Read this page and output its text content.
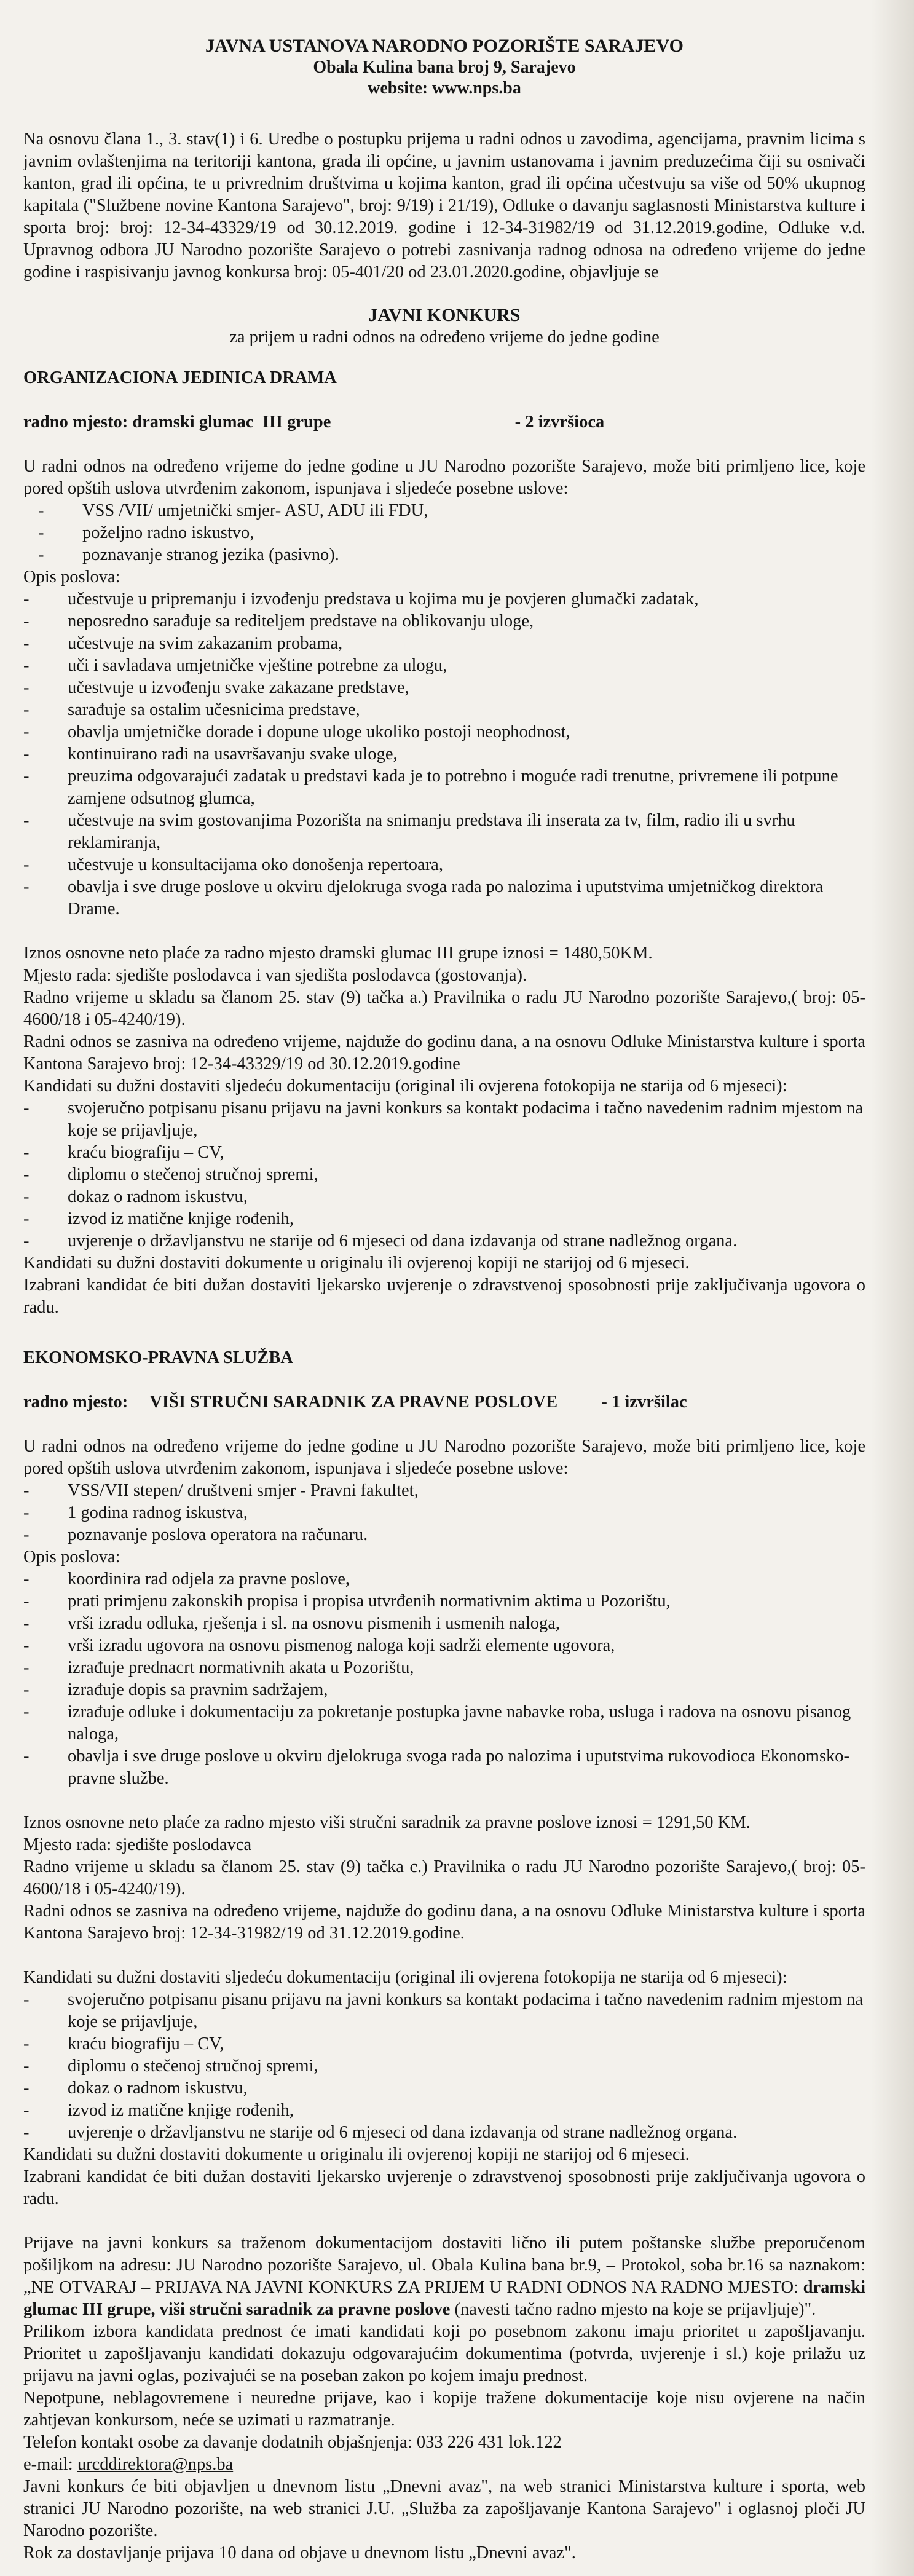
JAVNA USTANOVA NARODNO POZORIŠTE SARAJEVO
Obala Kulina bana broj 9, Sarajevo
website: www.nps.ba

Na osnovu člana 1., 3. stav(1) i 6. Uredbe o postupku prijema u radni odnos u zavodima, agencijama, pravnim licima s javnim ovlaštenjima na teritoriji kantona, grada ili općine, u javnim ustanovama i javnim preduzećima čiji su osnivači kanton, grad ili općina, te u privrednim društvima u kojima kanton, grad ili općina učestvuju sa više od 50% ukupnog kapitala ("Službene novine Kantona Sarajevo", broj: 9/19) i 21/19), Odluke o davanju saglasnosti Ministarstva kulture i sporta broj: broj: 12-34-43329/19 od 30.12.2019. godine i 12-34-31982/19 od 31.12.2019.godine, Odluke v.d. Upravnog odbora JU Narodno pozorište Sarajevo o potrebi zasnivanja radnog odnosa na određeno vrijeme do jedne godine i raspisivanju javnog konkursa broj: 05-401/20 od 23.01.2020.godine, objavljuje se

JAVNI KONKURS
za prijem u radni odnos na određeno vrijeme do jedne godine
ORGANIZACIONA JEDINICA DRAMA
radno mjesto: dramski glumac III grupe	- 2 izvršioca

U radni odnos na određeno vrijeme do jedne godine u JU Narodno pozorište Sarajevo, može biti primljeno lice, koje pored opštih uslova utvrđenim zakonom, ispunjava i sljedeće posebne uslove:

- VSS /VII/ umjetnički smjer- ASU, ADU ili FDU,
- poželjno radno iskustvo,
- poznavanje stranog jezika (pasivno).
Opis poslova:
- učestvuje u pripremanju i izvođenju predstava u kojima mu je povjeren glumački zadatak,
- neposredno sarađuje sa rediteljem predstave na oblikovanju uloge,
- učestvuje na svim zakazanim probama,
- uči i savladava umjetničke vještine potrebne za ulogu,
- učestvuje u izvođenju svake zakazane predstave,
- sarađuje sa ostalim učesnicima predstave,
- obavlja umjetničke dorade i dopune uloge ukoliko postoji neophodnost,
- kontinuirano radi na usavršavanju svake uloge,
- preuzima odgovarajući zadatak u predstavi kada je to potrebno i moguće radi trenutne, privremene ili potpune zamjene odsutnog glumca,
- učestvuje na svim gostovanjima Pozorišta na snimanju predstava ili inserata za tv, film, radio ili u svrhu reklamiranja,
- učestvuje u konsultacijama oko donošenja repertoara,
- obavlja i sve druge poslove u okviru djelokruga svoga rada po nalozima i uputstvima umjetničkog direktora Drame.

Iznos osnovne neto plaće za radno mjesto dramski glumac III grupe iznosi = 1480,50KM.

Mjesto rada: sjedište poslodavca i van sjedišta poslodavca (gostovanja).

Radno vrijeme u skladu sa članom 25. stav (9) tačka a.) Pravilnika o radu JU Narodno pozorište Sarajevo,( broj: 05-4600/18 i 05-4240/19).

Radni odnos se zasniva na određeno vrijeme, najduže do godinu dana, a na osnovu Odluke Ministarstva kulture i sporta Kantona Sarajevo broj: 12-34-43329/19 od 30.12.2019.godine

Kandidati su dužni dostaviti sljedeću dokumentaciju (original ili ovjerena fotokopija ne starija od 6 mjeseci):

- svojeručno potpisanu pisanu prijavu na javni konkurs sa kontakt podacima i tačno navedenim radnim mjestom na koje se prijavljuje,
- kraću biografiju – CV,
- diplomu o stečenoj stručnoj spremi,
- dokaz o radnom iskustvu,
- izvod iz matične knjige rođenih,
- uvjerenje o državljanstvu ne starije od 6 mjeseci od dana izdavanja od strane nadležnog organa.

Kandidati su dužni dostaviti dokumente u originalu ili ovjerenoj kopiji ne starijoj od 6 mjeseci.

Izabrani kandidat će biti dužan dostaviti ljekarsko uvjerenje o zdravstvenoj sposobnosti prije zaključivanja ugovora o radu.

EKONOMSKO-PRAVNA SLUŽBA
radno mjesto: VIŠI STRUČNI SARADNIK ZA PRAVNE POSLOVE	- 1 izvršilac

U radni odnos na određeno vrijeme do jedne godine u JU Narodno pozorište Sarajevo, može biti primljeno lice, koje pored opštih uslova utvrđenim zakonom, ispunjava i sljedeće posebne uslove:

- VSS/VII stepen/ društveni smjer - Pravni fakultet,
- 1 godina radnog iskustva,
- poznavanje poslova operatora na računaru.
Opis poslova:
- koordinira rad odjela za pravne poslove,
- prati primjenu zakonskih propisa i propisa utvrđenih normativnim aktima u Pozorištu,
- vrši izradu odluka, rješenja i sl. na osnovu pismenih i usmenih naloga,
- vrši izradu ugovora na osnovu pismenog naloga koji sadrži elemente ugovora,
- izrađuje prednacrt normativnih akata u Pozorištu,
- izrađuje dopis sa pravnim sadržajem,
- izrađuje odluke i dokumentaciju za pokretanje postupka javne nabavke roba, usluga i radova na osnovu pisanog naloga,
- obavlja i sve druge poslove u okviru djelokruga svoga rada po nalozima i uputstvima rukovodioca Ekonomsko-pravne službe.

Iznos osnovne neto plaće za radno mjesto viši stručni saradnik za pravne poslove iznosi = 1291,50 KM.

Mjesto rada: sjedište poslodavca

Radno vrijeme u skladu sa članom 25. stav (9) tačka c.) Pravilnika o radu JU Narodno pozorište Sarajevo,( broj: 05-4600/18 i 05-4240/19).

Radni odnos se zasniva na određeno vrijeme, najduže do godinu dana, a na osnovu Odluke Ministarstva kulture i sporta Kantona Sarajevo broj: 12-34-31982/19 od 31.12.2019.godine.

Kandidati su dužni dostaviti sljedeću dokumentaciju (original ili ovjerena fotokopija ne starija od 6 mjeseci):

- svojeručno potpisanu pisanu prijavu na javni konkurs sa kontakt podacima i tačno navedenim radnim mjestom na koje se prijavljuje,
- kraću biografiju – CV,
- diplomu o stečenoj stručnoj spremi,
- dokaz o radnom iskustvu,
- izvod iz matične knjige rođenih,
- uvjerenje o državljanstvu ne starije od 6 mjeseci od dana izdavanja od strane nadležnog organa.

Kandidati su dužni dostaviti dokumente u originalu ili ovjerenoj kopiji ne starijoj od 6 mjeseci.

Izabrani kandidat će biti dužan dostaviti ljekarsko uvjerenje o zdravstvenoj sposobnosti prije zaključivanja ugovora o radu.

Prijave na javni konkurs sa traženom dokumentacijom dostaviti lično ili putem poštanske službe preporučenom pošiljkom na adresu: JU Narodno pozorište Sarajevo, ul. Obala Kulina bana br.9, – Protokol, soba br.16 sa naznakom: „NE OTVARAJ – PRIJAVA NA JAVNI KONKURS ZA PRIJEM U RADNI ODNOS NA RADNO MJESTO: dramski glumac III grupe, viši stručni saradnik za pravne poslove (navesti tačno radno mjesto na koje se prijavljuje)".

Prilikom izbora kandidata prednost će imati kandidati koji po posebnom zakonu imaju prioritet u zapošljavanju. Prioritet u zapošljavanju kandidati dokazuju odgovarajućim dokumentima (potvrda, uvjerenje i sl.) koje prilažu uz prijavu na javni oglas, pozivajući se na poseban zakon po kojem imaju prednost.

Nepotpune, neblagovremene i neuredne prijave, kao i kopije tražene dokumentacije koje nisu ovjerene na način zahtjevan konkursom, neće se uzimati u razmatranje.

Telefon kontakt osobe za davanje dodatnih objašnjenja: 033 226 431 lok.122

e-mail: urcddirektora@nps.ba

Javni konkurs će biti objavljen u dnevnom listu „Dnevni avaz", na web stranici Ministarstva kulture i sporta, web stranici JU Narodno pozorište, na web stranici J.U. „Služba za zapošljavanje Kantona Sarajevo" i oglasnoj ploči JU Narodno pozorište.

Rok za dostavljanje prijava 10 dana od objave u dnevnom listu „Dnevni avaz".
